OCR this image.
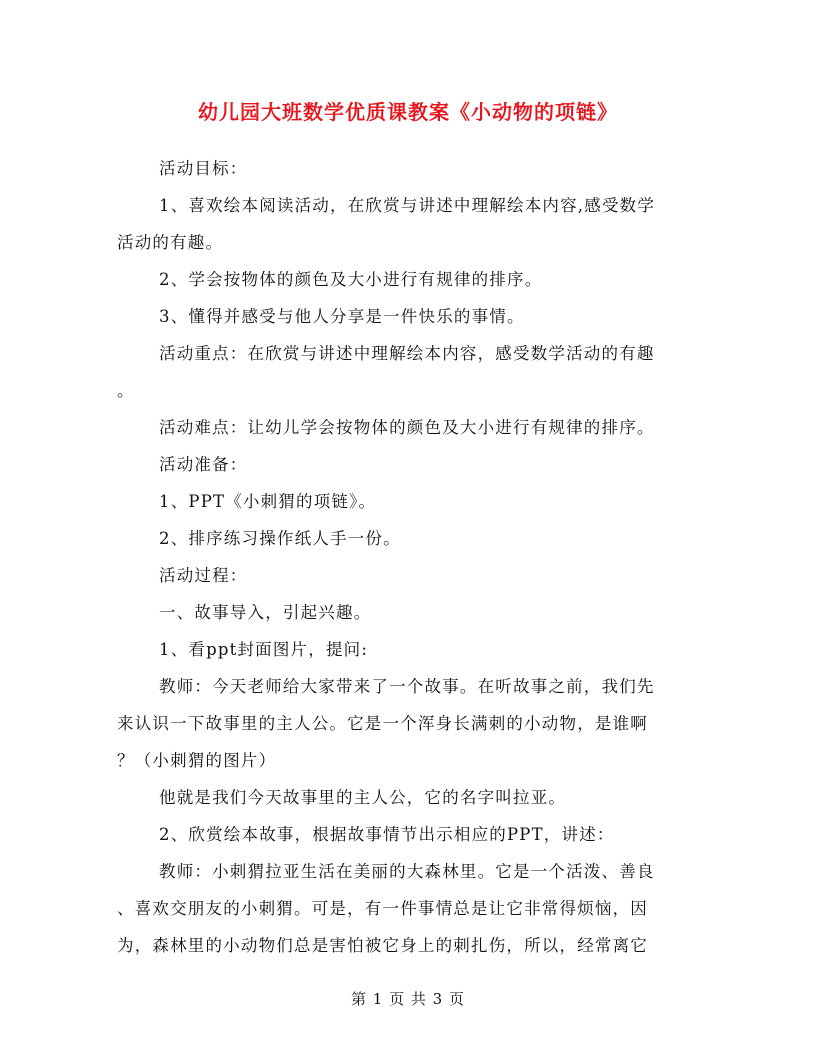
幼儿园大班数学优质课教案《小动物的项链》

活动目标：

1、喜欢绘本阅读活动，在欣赏与讲述中理解绘本内容,感受数学

活动的有趣。

2、学会按物体的颜色及大小进行有规律的排序。

3、懂得并感受与他人分享是一件快乐的事情。

活动重点：在欣赏与讲述中理解绘本内容，感受数学活动的有趣

。

活动难点：让幼儿学会按物体的颜色及大小进行有规律的排序。

活动准备：

1、PPT《小刺猬的项链》。

2、排序练习操作纸人手一份。

活动过程：

一、故事导入，引起兴趣。

1、看ppt封面图片，提问:

教师：今天老师给大家带来了一个故事。在听故事之前，我们先

来认识一下故事里的主人公。它是一个浑身长满刺的小动物，是谁啊

？（小刺猬的图片）

他就是我们今天故事里的主人公，它的名字叫拉亚。

2、欣赏绘本故事，根据故事情节出示相应的PPT，讲述：

教师：小刺猬拉亚生活在美丽的大森林里。它是一个活泼、善良

、喜欢交朋友的小刺猬。可是，有一件事情总是让它非常得烦恼，因

为，森林里的小动物们总是害怕被它身上的刺扎伤，所以，经常离它

第 1 页 共 3 页
